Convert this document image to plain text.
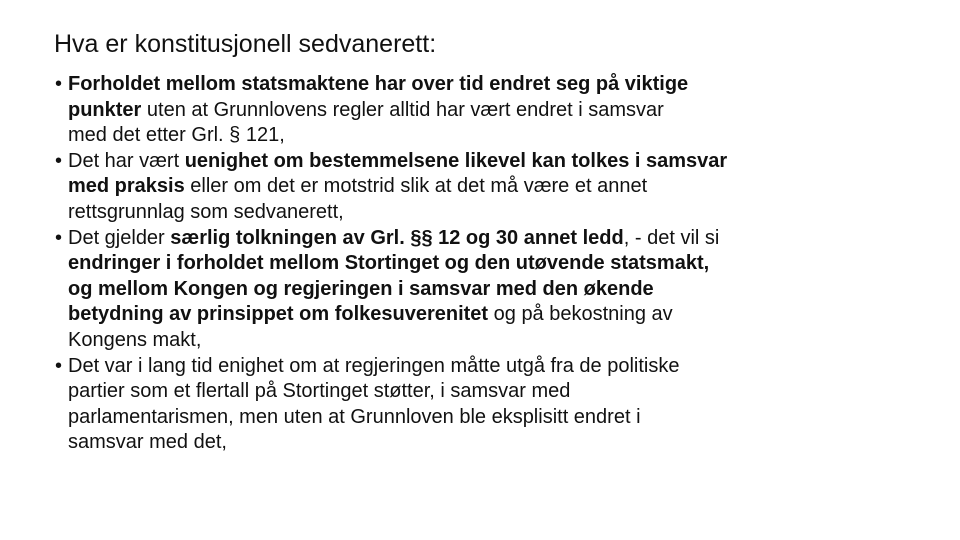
Hva er konstitusjonell sedvanerett:
• Forholdet mellom statsmaktene har over tid endret seg på viktige
punkter uten at Grunnlovens regler alltid har vært endret i samsvar
med det etter Grl. § 121,
• Det har vært uenighet om bestemmelsene likevel kan tolkes i samsvar
med praksis eller om det er motstrid slik at det må være et annet
rettsgrunnlag som sedvanerett,
• Det gjelder særlig tolkningen av Grl. §§ 12 og 30 annet ledd, - det vil si
endringer i forholdet mellom Stortinget og den utøvende statsmakt,
og mellom Kongen og regjeringen i samsvar med den økende
betydning av prinsippet om folkesuverenitet og på bekostning av
Kongens makt,
• Det var i lang tid enighet om at regjeringen måtte utgå fra de politiske
partier som et flertall på Stortinget støtter, i samsvar med
parlamentarismen, men uten at Grunnloven ble eksplisitt endret i
samsvar med det,
